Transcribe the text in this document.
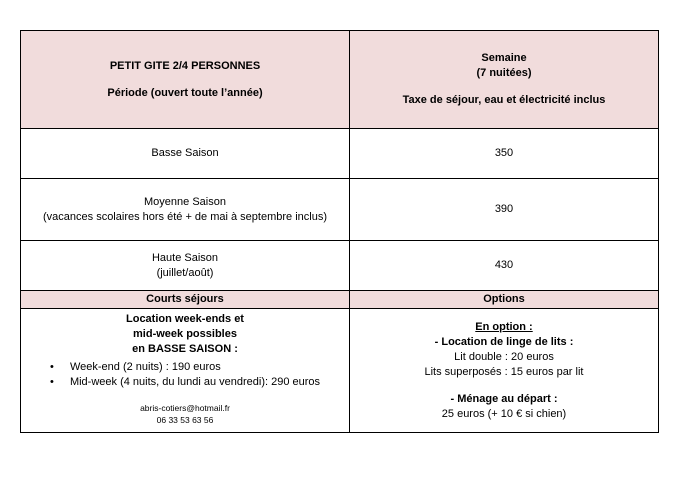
PETIT GITE 2/4 PERSONNES
Période (ouvert toute l’année)
Semaine
(7 nuitées)
Taxe de séjour, eau et électricité inclus
Basse Saison	350
Moyenne Saison
(vacances scolaires hors été + de mai à septembre inclus)
390
Haute Saison
(juillet/août)
430
Courts séjours	Options
Location week-ends et
mid-week possibles
en BASSE SAISON :
• Week-end (2 nuits) : 190 euros
• Mid-week (4 nuits, du lundi au vendredi): 290 euros
abris-cotiers@hotmail.fr
06 33 53 63 56
En option :
- Location de linge de lits :
Lit double : 20 euros
Lits superposés : 15 euros par lit
- Ménage au départ :
25 euros (+ 10 € si chien)
